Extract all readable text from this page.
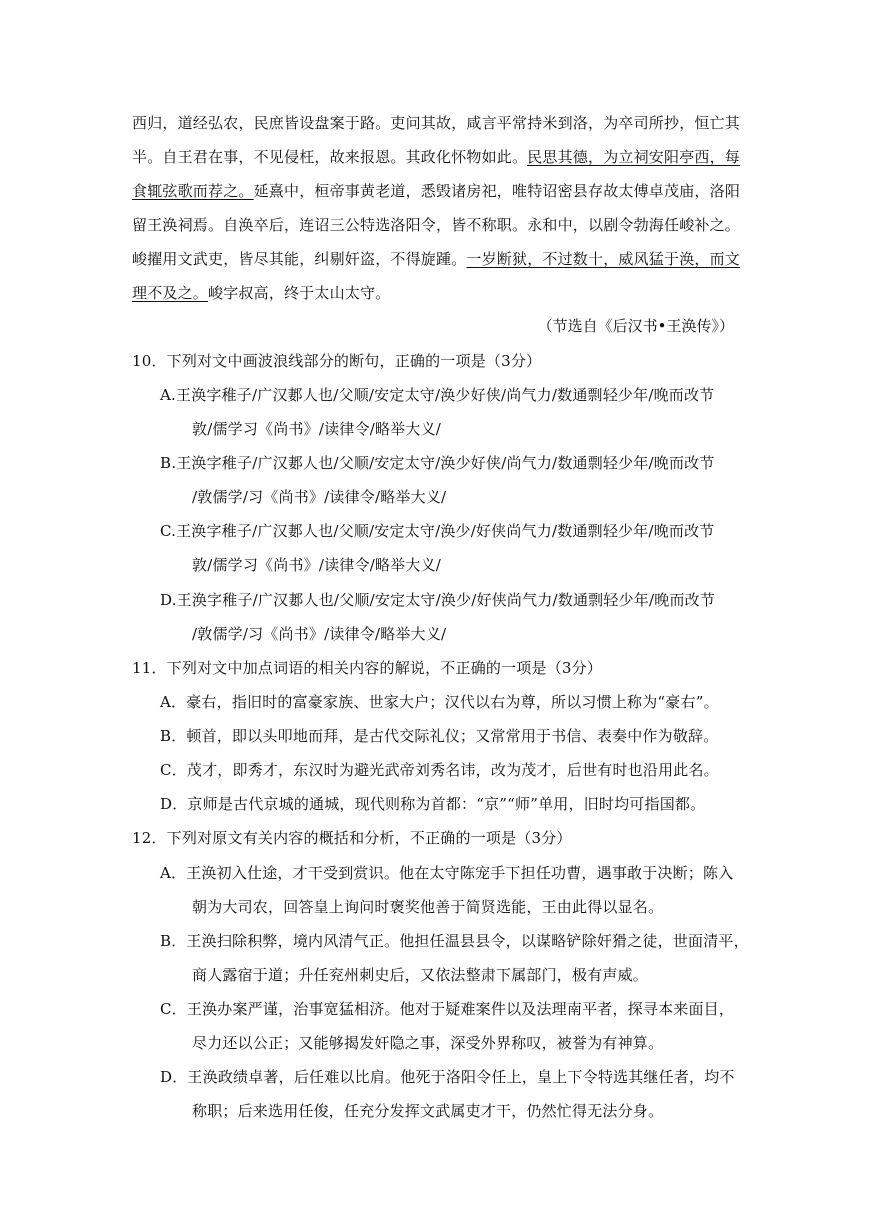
西归，道经弘农，民庶皆设盘案于路。吏问其故，咸言平常持米到洛，为卒司所抄，恒亡其
半。自王君在事，不见侵枉，故来报恩。其政化怀物如此。民思其德，为立祠安阳亭西，每
食辄弦歌而荐之。延熹中，桓帝事黄老道，悉毁诸房祀，唯特诏密县存故太傅卓茂庙，洛阳
留王涣祠焉。自涣卒后，连诏三公特选洛阳令，皆不称职。永和中，以剧令勃海任峻补之。
峻擢用文武吏，皆尽其能，纠剔奸盗，不得旋踵。一岁断狱，不过数十，威风猛于涣，而文
理不及之。峻字叔高，终于太山太守。
（节选自《后汉书•王涣传》）
10．下列对文中画波浪线部分的断句，正确的一项是（3分）
A.王涣字稚子/广汉郪人也/父顺/安定太守/涣少好侠/尚气力/数通剽轻少年/晚而改节
敦/儒学习《尚书》/读律令/略举大义/
B.王涣字稚子/广汉郪人也/父顺/安定太守/涣少好侠/尚气力/数通剽轻少年/晚而改节
/敦儒学/习《尚书》/读律令/略举大义/
C.王涣字稚子/广汉郪人也/父顺/安定太守/涣少/好侠尚气力/数通剽轻少年/晚而改节
敦/儒学习《尚书》/读律令/略举大义/
D.王涣字稚子/广汉郪人也/父顺/安定太守/涣少/好侠尚气力/数通剽轻少年/晚而改节
/敦儒学/习《尚书》/读律令/略举大义/
11．下列对文中加点词语的相关内容的解说，不正确的一项是（3分）
A．豪右，指旧时的富豪家族、世家大户；汉代以右为尊，所以习惯上称为“豪右”。
B．顿首，即以头叩地而拜，是古代交际礼仪；又常常用于书信、表奏中作为敬辞。
C．茂才，即秀才，东汉时为避光武帝刘秀名讳，改为茂才，后世有时也沿用此名。
D．京师是古代京城的通城，现代则称为首都：“京”“师”单用，旧时均可指国都。
12．下列对原文有关内容的概括和分析，不正确的一项是（3分）
A．王涣初入仕途，才干受到赏识。他在太守陈宠手下担任功曹，遇事敢于决断；陈入
朝为大司农，回答皇上询问时褒奖他善于简贤选能，王由此得以显名。
B．王涣扫除积弊，境内风清气正。他担任温县县令，以谋略铲除奸猾之徒，世面清平，
商人露宿于道；升任兖州刺史后，又依法整肃下属部门，极有声威。
C．王涣办案严谨，治事宽猛相济。他对于疑难案件以及法理南平者，探寻本来面目，
尽力还以公正；又能够揭发奸隐之事，深受外界称叹，被誉为有神算。
D．王涣政绩卓著，后任难以比肩。他死于洛阳令任上，皇上下令特选其继任者，均不
称职；后来选用任俊，任充分发挥文武属吏才干，仍然忙得无法分身。
